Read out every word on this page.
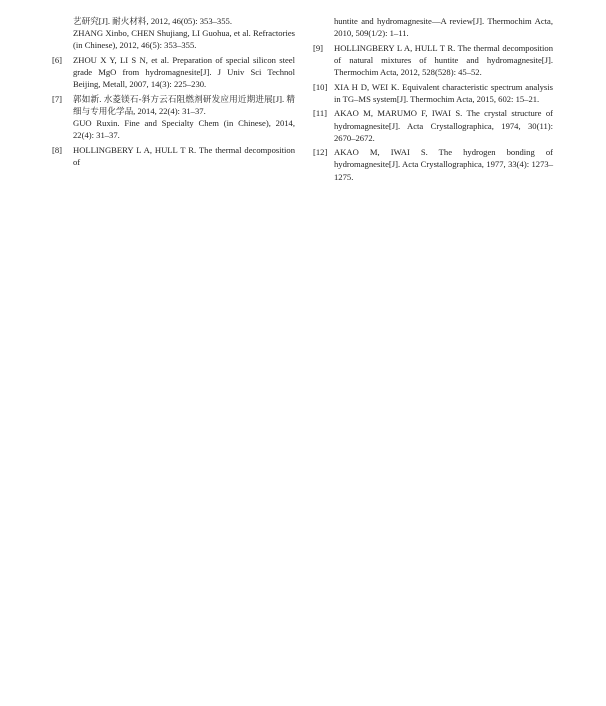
艺研究[J]. 耐火材料, 2012, 46(05): 353–355.

ZHANG Xinbo, CHEN Shujiang, LI Guohua, et al. Refractories (in Chinese), 2012, 46(5): 353–355.

[6]	ZHOU X Y, LI S N, et al. Preparation of special silicon steel grade MgO from hydromagnesite[J]. J Univ Sci Technol Beijing, Metall, 2007, 14(3): 225–230.

[7]	郭如新. 水菱镁石-斜方云石阻燃剂研发应用近期进展[J]. 精细与专用化学品, 2014, 22(4): 31–37.

GUO Ruxin. Fine and Specialty Chem (in Chinese), 2014, 22(4): 31–37.

[8]	HOLLINGBERY L A, HULL T R. The thermal decomposition of

huntite and hydromagnesite—A review[J]. Thermochim Acta, 2010, 509(1/2): 1–11.

[9]	HOLLINGBERY L A, HULL T R. The thermal decomposition of natural mixtures of huntite and hydromagnesite[J]. Thermochim Acta, 2012, 528(528): 45–52.

[10] XIA H D, WEI K. Equivalent characteristic spectrum analysis in TG–MS system[J]. Thermochim Acta, 2015, 602: 15–21.

[11] AKAO M, MARUMO F, IWAI S. The crystal structure of hydromagnesite[J]. Acta Crystallographica, 1974, 30(11): 2670–2672.

[12] AKAO M, IWAI S. The hydrogen bonding of hydromagnesite[J]. Acta Crystallographica, 1977, 33(4): 1273–1275.
